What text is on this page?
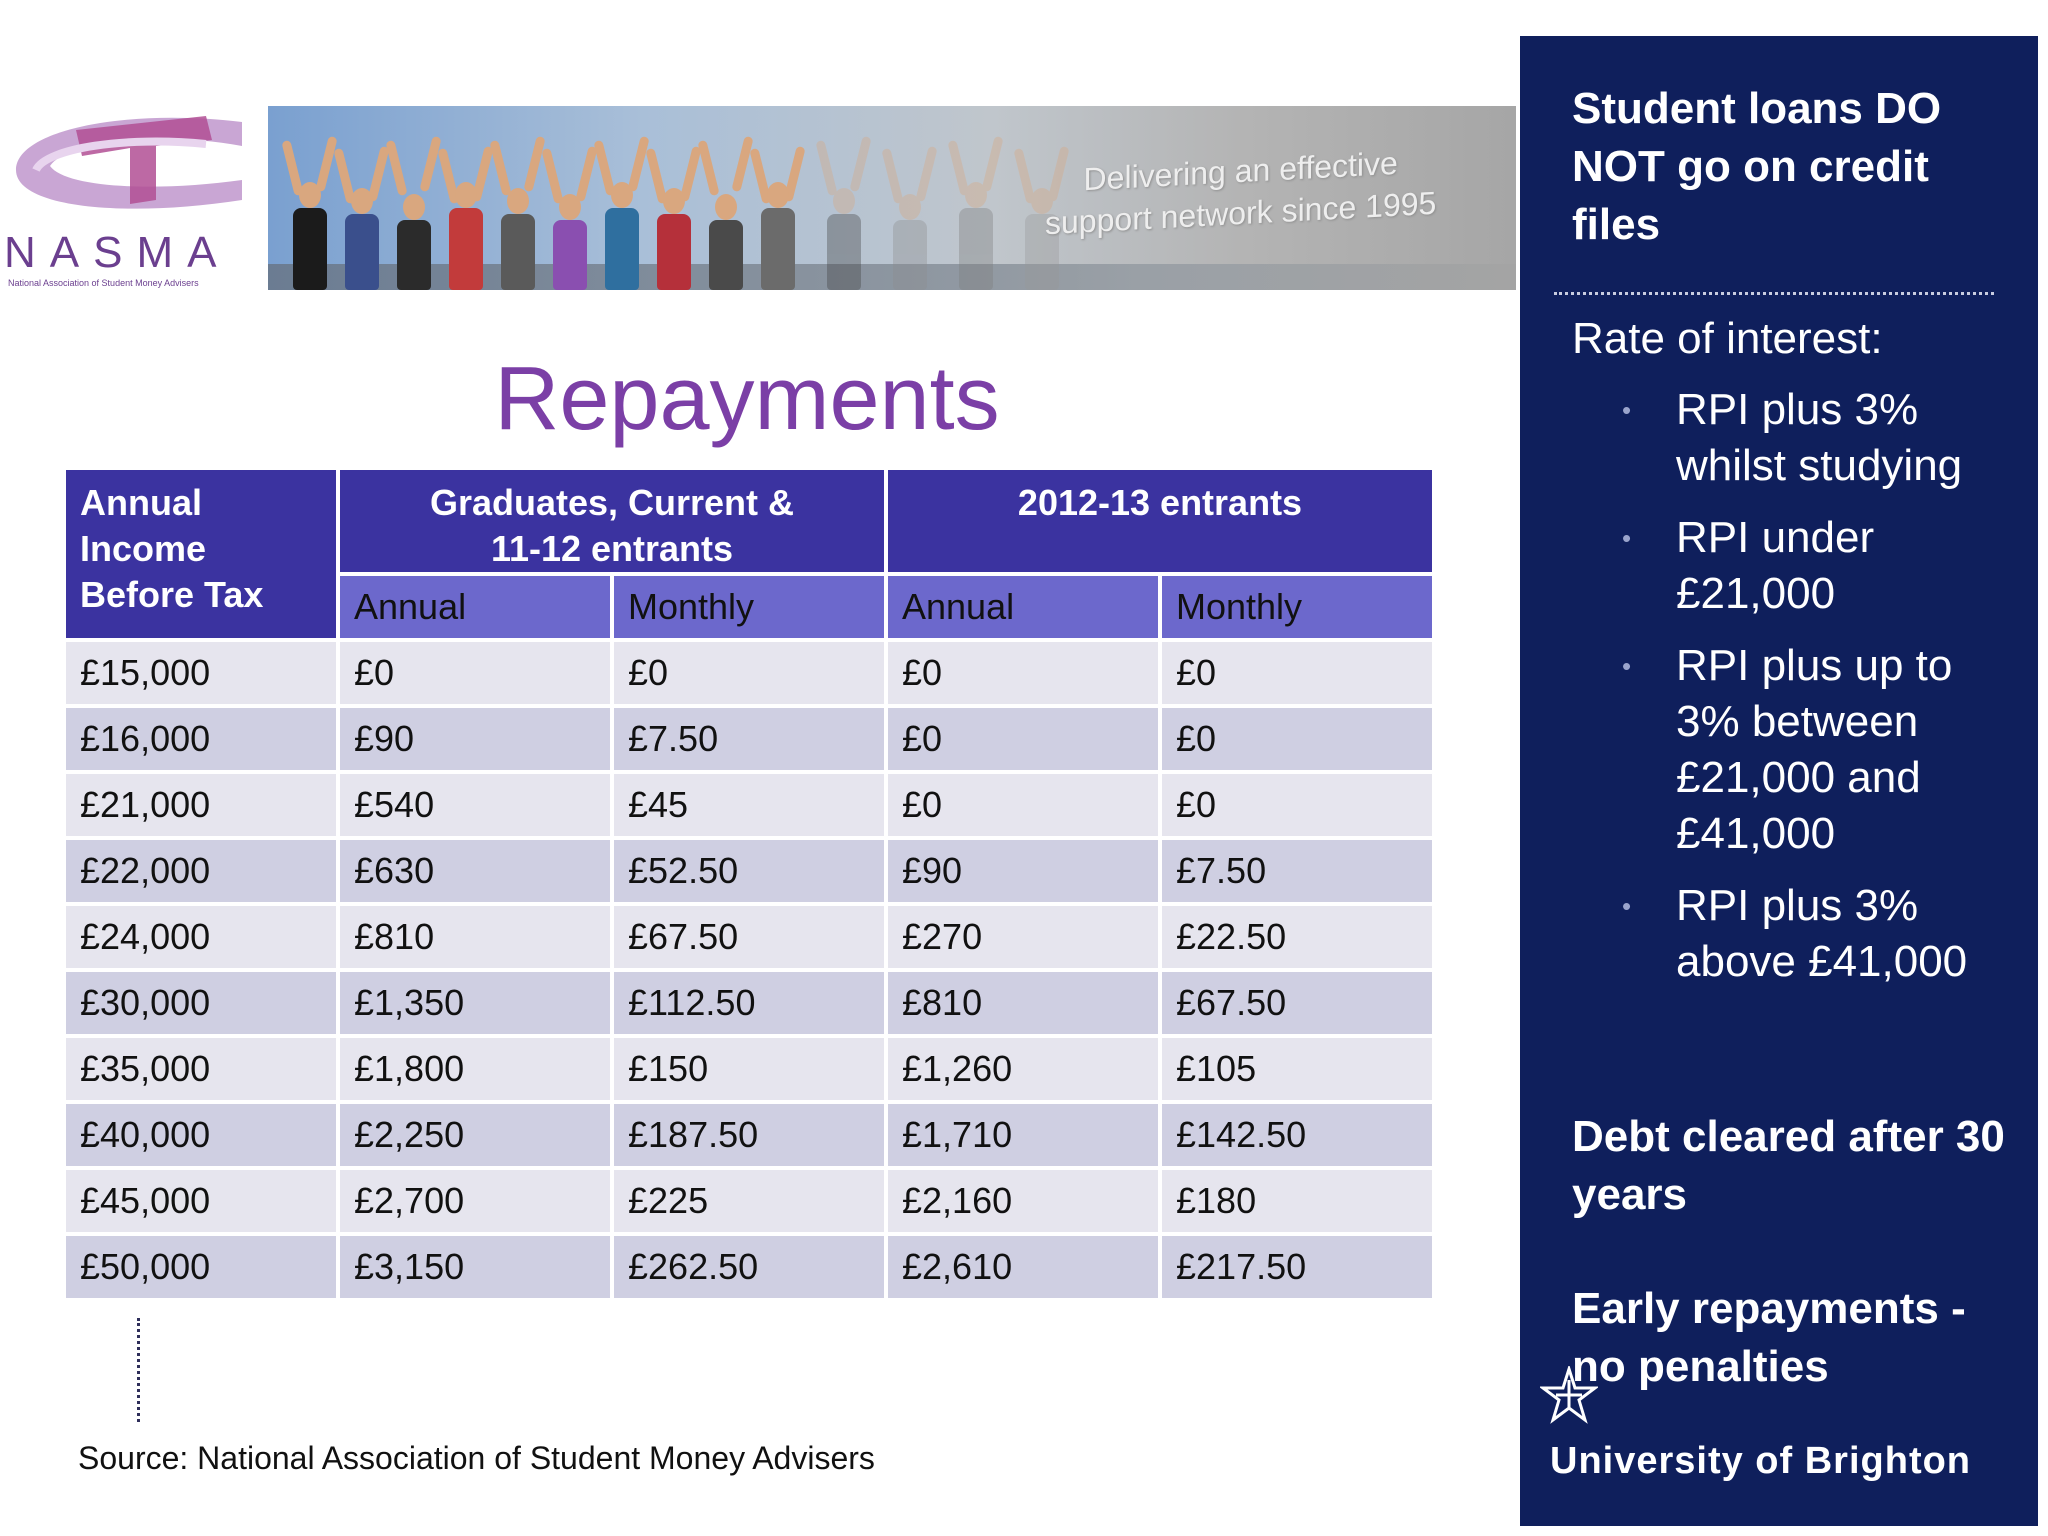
NASMA
National Association of Student Money Advisers
Delivering an effective
support network since 1995
Repayments
Annual Income Before Tax	Graduates, Current & 11-12 entrants		2012-13 entrants	
	Annual	Monthly	Annual	Monthly
£15,000	£0	£0	£0	£0
£16,000	£90	£7.50	£0	£0
£21,000	£540	£45	£0	£0
£22,000	£630	£52.50	£90	£7.50
£24,000	£810	£67.50	£270	£22.50
£30,000	£1,350	£112.50	£810	£67.50
£35,000	£1,800	£150	£1,260	£105
£40,000	£2,250	£187.50	£1,710	£142.50
£45,000	£2,700	£225	£2,160	£180
£50,000	£3,150	£262.50	£2,610	£217.50
Source: National Association of Student Money Advisers

Student loans DO NOT go on credit files

Rate of interest:
• RPI plus 3% whilst studying
• RPI under £21,000
• RPI plus up to 3% between £21,000 and £41,000
• RPI plus 3% above £41,000

Debt cleared after 30 years

Early repayments - no penalties

University of Brighton
